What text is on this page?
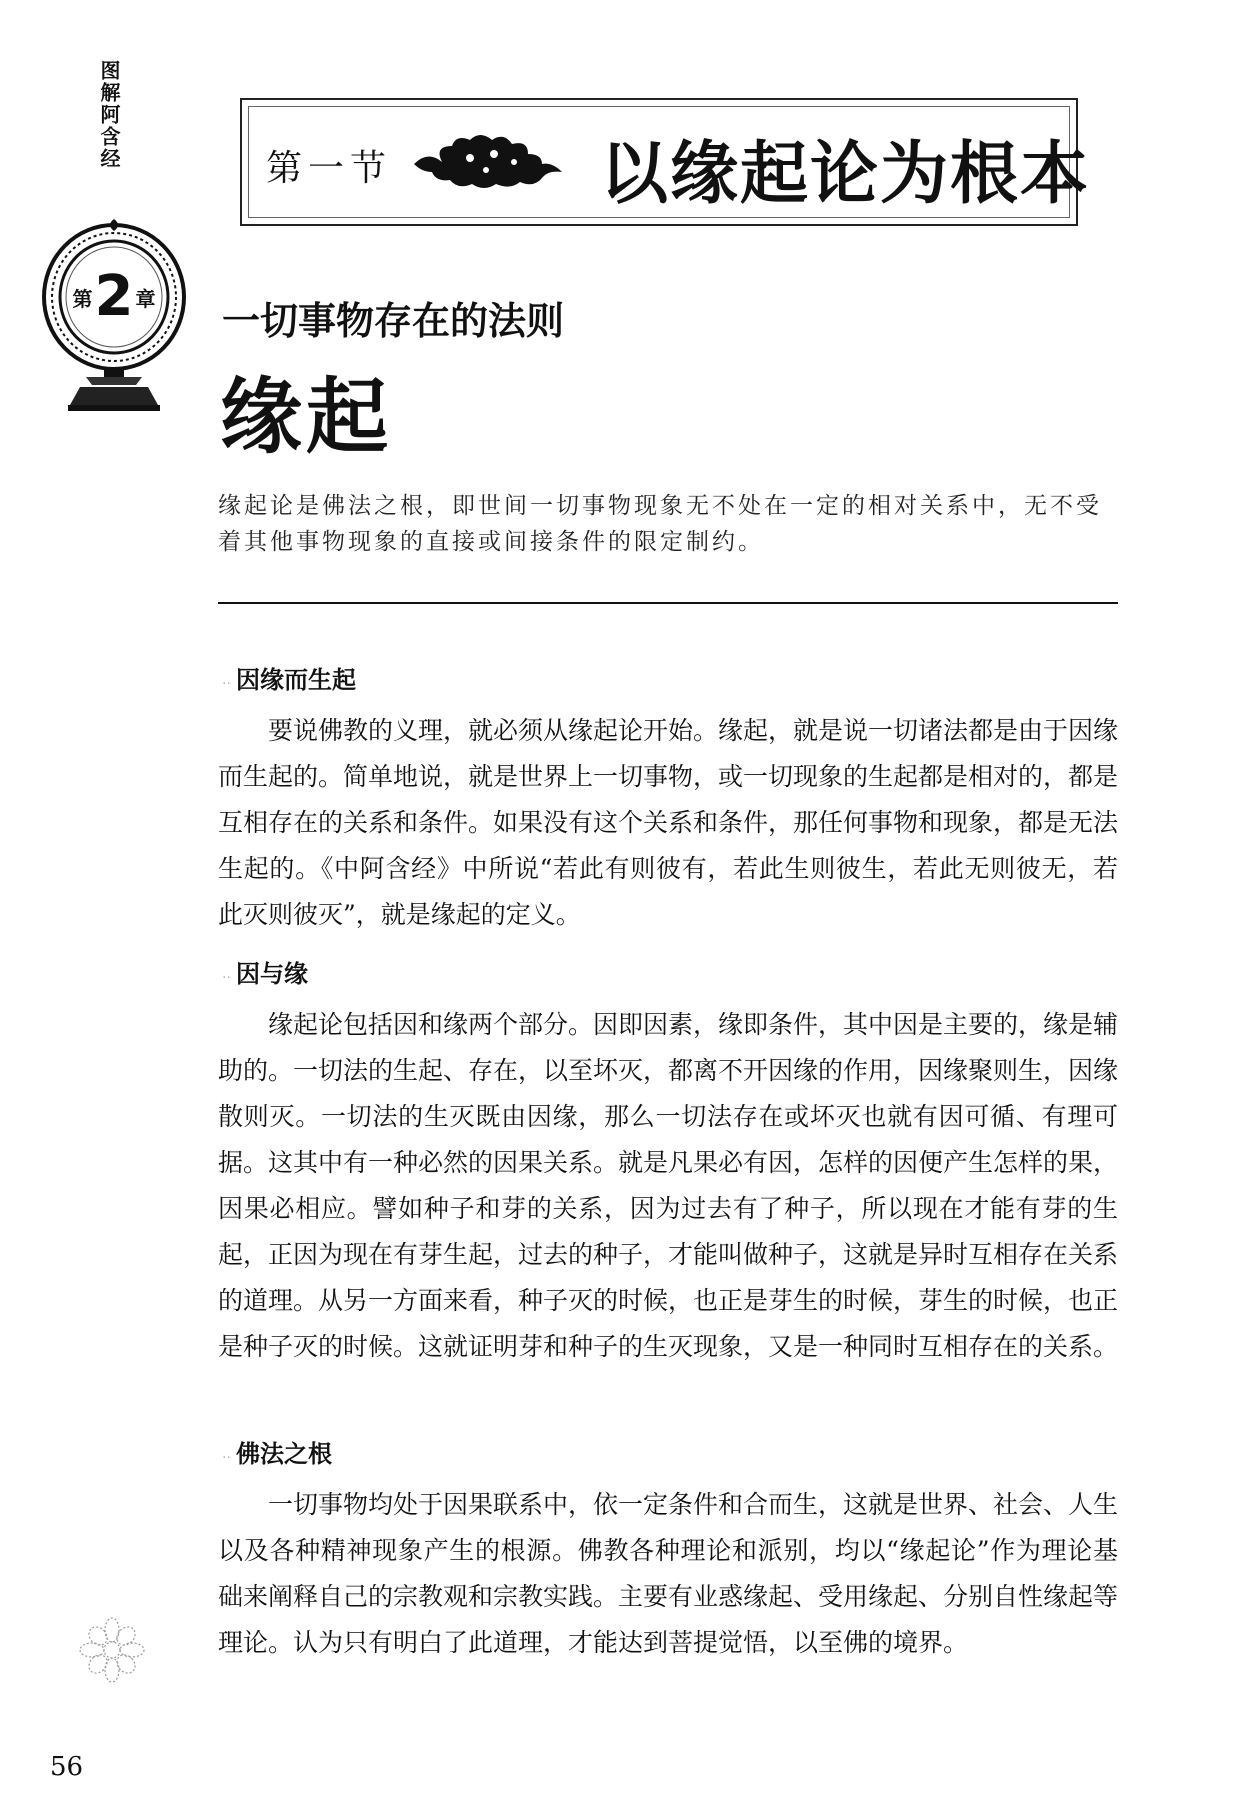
图解阿含经
第 2 章
第一节	以缘起论为根本
一切事物存在的法则
缘起
缘起论是佛法之根，即世间一切事物现象无不处在一定的相对关系中，无不受着其他事物现象的直接或间接条件的限定制约。
·· 因缘而生起

要说佛教的义理，就必须从缘起论开始。缘起，就是说一切诸法都是由于因缘而生起的。简单地说，就是世界上一切事物，或一切现象的生起都是相对的，都是互相存在的关系和条件。如果没有这个关系和条件，那任何事物和现象，都是无法生起的。《中阿含经》中所说“若此有则彼有，若此生则彼生，若此无则彼无，若此灭则彼灭”，就是缘起的定义。

·· 因与缘

缘起论包括因和缘两个部分。因即因素，缘即条件，其中因是主要的，缘是辅助的。一切法的生起、存在，以至坏灭，都离不开因缘的作用，因缘聚则生，因缘散则灭。一切法的生灭既由因缘，那么一切法存在或坏灭也就有因可循、有理可据。这其中有一种必然的因果关系。就是凡果必有因，怎样的因便产生怎样的果，因果必相应。譬如种子和芽的关系，因为过去有了种子，所以现在才能有芽的生起，正因为现在有芽生起，过去的种子，才能叫做种子，这就是异时互相存在关系的道理。从另一方面来看，种子灭的时候，也正是芽生的时候，芽生的时候，也正是种子灭的时候。这就证明芽和种子的生灭现象，又是一种同时互相存在的关系。

·· 佛法之根

一切事物均处于因果联系中，依一定条件和合而生，这就是世界、社会、人生以及各种精神现象产生的根源。佛教各种理论和派别，均以“缘起论”作为理论基础来阐释自己的宗教观和宗教实践。主要有业惑缘起、受用缘起、分别自性缘起等理论。认为只有明白了此道理，才能达到菩提觉悟，以至佛的境界。

56
